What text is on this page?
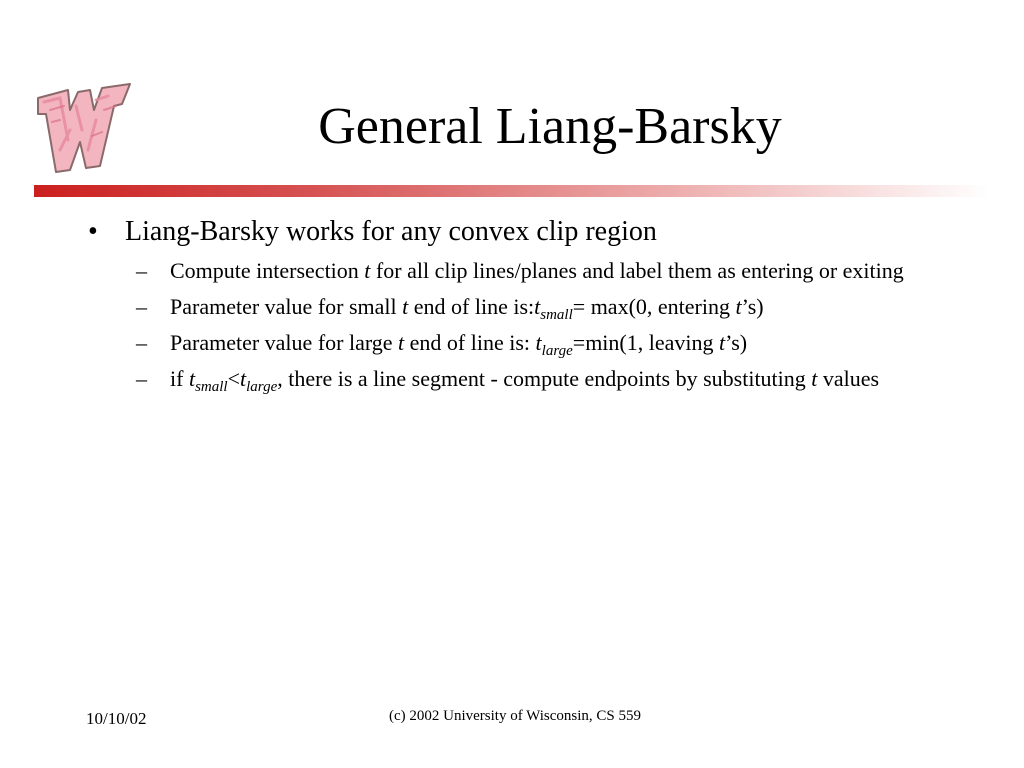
General Liang-Barsky
• Liang-Barsky works for any convex clip region
– Compute intersection t for all clip lines/planes and label them as entering or exiting
– Parameter value for small t end of line $is:t_{small}= \max(0$, entering t’s)
– Parameter value for large t end of line is: $t_{large}=\min(1$, leaving t’s)
– if $t_{small}<t_{large}$, there is a line segment - compute endpoints by substituting t values
10/10/02	(c) 2002 University of Wisconsin, CS 559
